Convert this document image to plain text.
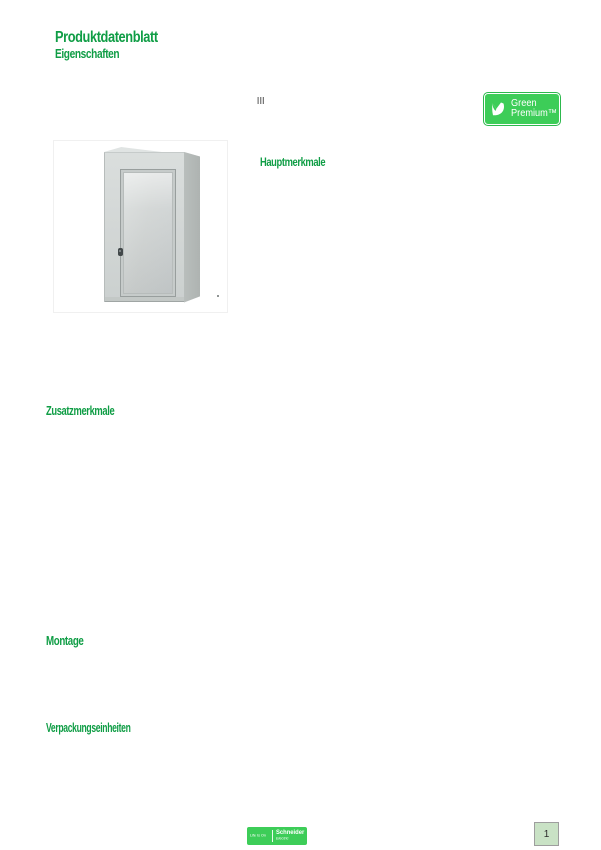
Produktdatenblatt
Eigenschaften
III	Green
Premium™
Hauptmerkmale
Zusatzmerkmale
Montage
Verpackungseinheiten
Life Is On Schneider
Electric	1
